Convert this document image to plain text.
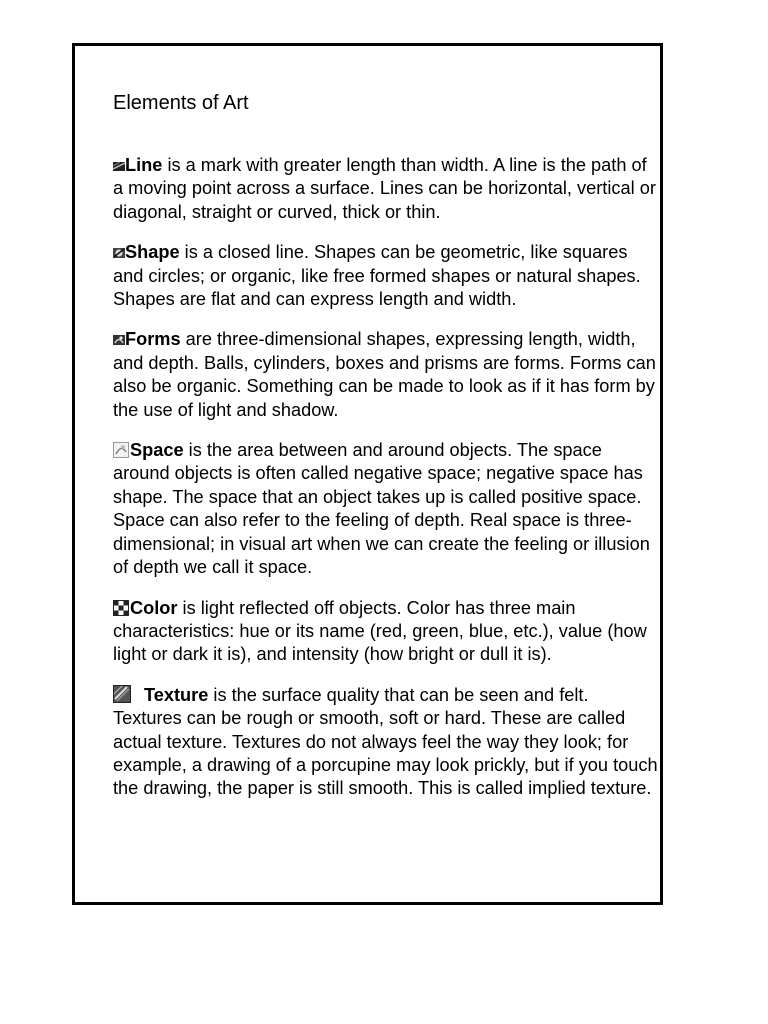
Elements of Art

Line is a mark with greater length than width. A line is the path of a moving point across a surface. Lines can be horizontal, vertical or diagonal, straight or curved, thick or thin.

Shape is a closed line. Shapes can be geometric, like squares and circles; or organic, like free formed shapes or natural shapes. Shapes are flat and can express length and width.

Forms are three-dimensional shapes, expressing length, width, and depth. Balls, cylinders, boxes and prisms are forms. Forms can also be organic. Something can be made to look as if it has form by the use of light and shadow.

Space is the area between and around objects. The space around objects is often called negative space; negative space has shape. The space that an object takes up is called positive space. Space can also refer to the feeling of depth. Real space is three-dimensional; in visual art when we can create the feeling or illusion of depth we call it space.

Color is light reflected off objects. Color has three main characteristics: hue or its name (red, green, blue, etc.), value (how light or dark it is), and intensity (how bright or dull it is).

Texture is the surface quality that can be seen and felt. Textures can be rough or smooth, soft or hard. These are called actual texture. Textures do not always feel the way they look; for example, a drawing of a porcupine may look prickly, but if you touch the drawing, the paper is still smooth. This is called implied texture.
